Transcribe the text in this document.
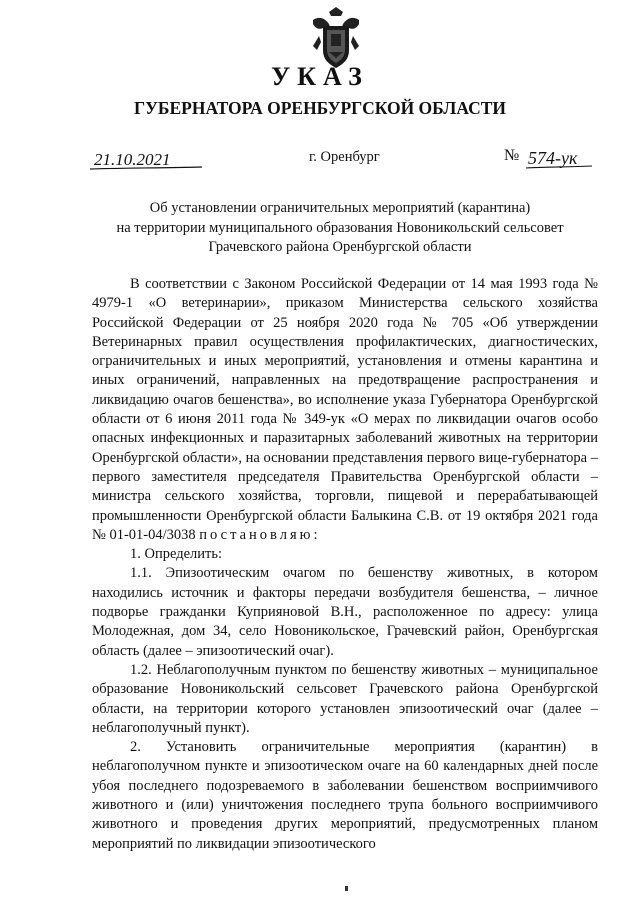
УКАЗ
ГУБЕРНАТОРА ОРЕНБУРГСКОЙ ОБЛАСТИ
21.10.2021	г. Оренбург	№ 574-ук
Об установлении ограничительных мероприятий (карантина)
на территории муниципального образования Новоникольский сельсовет
Грачевского района Оренбургской области

В соответствии с Законом Российской Федерации от 14 мая 1993 года № 4979-1 «О ветеринарии», приказом Министерства сельского хозяйства Российской Федерации от 25 ноября 2020 года № 705 «Об утверждении Ветеринарных правил осуществления профилактических, диагностических, ограничительных и иных мероприятий, установления и отмены карантина и иных ограничений, направленных на предотвращение распространения и ликвидацию очагов бешенства», во исполнение указа Губернатора Оренбургской области от 6 июня 2011 года № 349-ук «О мерах по ликвидации очагов особо опасных инфекционных и паразитарных заболеваний животных на территории Оренбургской области», на основании представления первого вице-губернатора – первого заместителя председателя Правительства Оренбургской области – министра сельского хозяйства, торговли, пищевой и перерабатывающей промышленности Оренбургской области Балыкина С.В. от 19 октября 2021 года № 01-01-04/3038 постановляю:

1. Определить:

1.1. Эпизоотическим очагом по бешенству животных, в котором находились источник и факторы передачи возбудителя бешенства, – личное подворье гражданки Куприяновой В.Н., расположенное по адресу: улица Молодежная, дом 34, село Новоникольское, Грачевский район, Оренбургская область (далее – эпизоотический очаг).

1.2. Неблагополучным пунктом по бешенству животных – муниципальное образование Новоникольский сельсовет Грачевского района Оренбургской области, на территории которого установлен эпизоотический очаг (далее – неблагополучный пункт).

2. Установить ограничительные мероприятия (карантин) в неблагополучном пункте и эпизоотическом очаге на 60 календарных дней после убоя последнего подозреваемого в заболевании бешенством восприимчивого животного и (или) уничтожения последнего трупа больного восприимчивого животного и проведения других мероприятий, предусмотренных планом мероприятий по ликвидации эпизоотического
